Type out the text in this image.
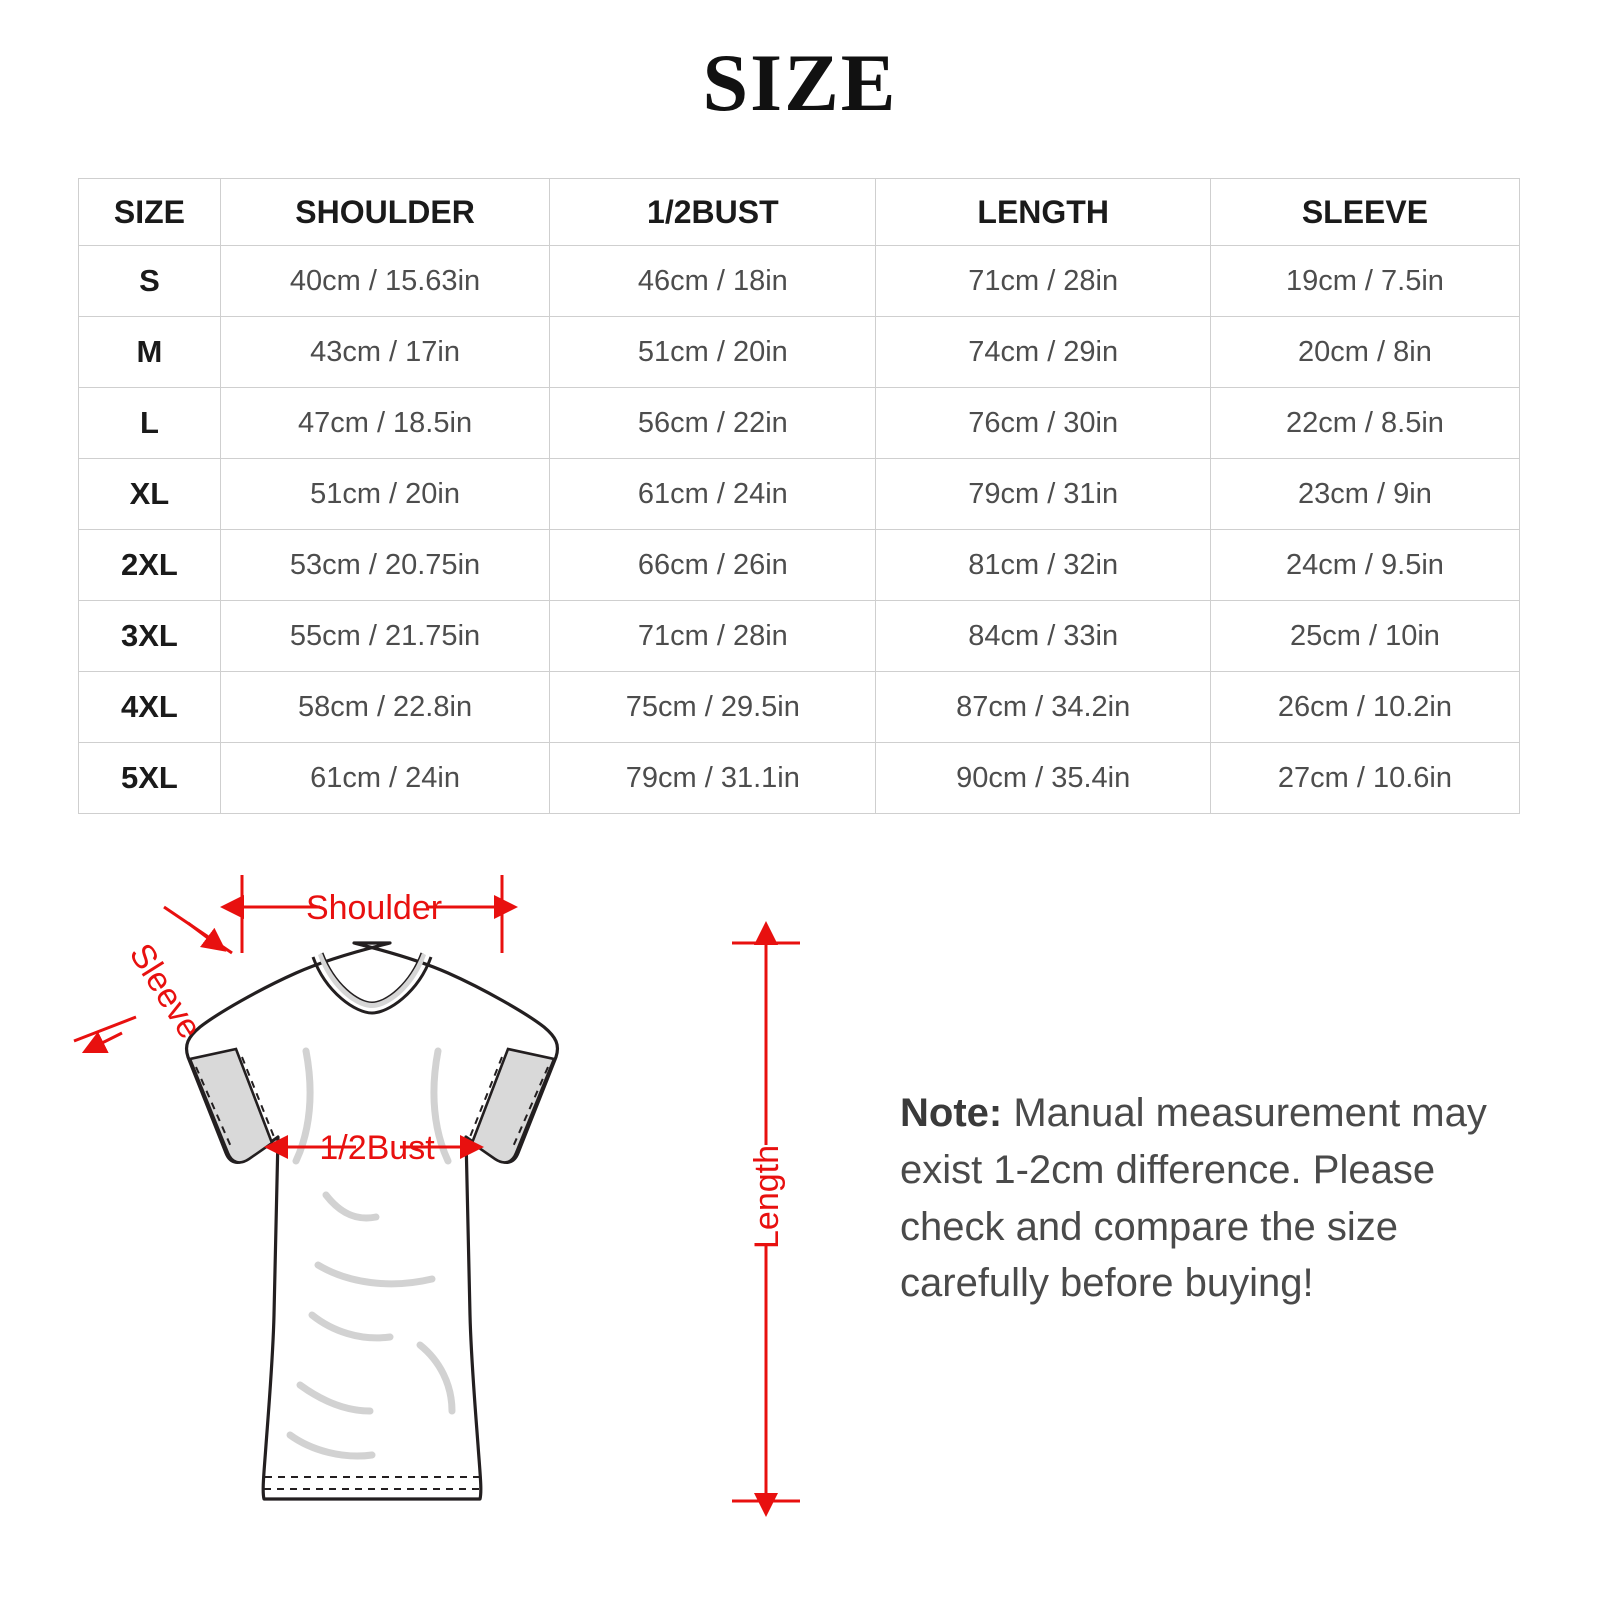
SIZE
SIZE	SHOULDER	1/2BUST	LENGTH	SLEEVE
S	40cm / 15.63in	46cm / 18in	71cm / 28in	19cm / 7.5in
M	43cm / 17in	51cm / 20in	74cm / 29in	20cm / 8in
L	47cm / 18.5in	56cm / 22in	76cm / 30in	22cm / 8.5in
XL	51cm / 20in	61cm / 24in	79cm / 31in	23cm / 9in
2XL	53cm / 20.75in	66cm / 26in	81cm / 32in	24cm / 9.5in
3XL	55cm / 21.75in	71cm / 28in	84cm / 33in	25cm / 10in
4XL	58cm / 22.8in	75cm / 29.5in	87cm / 34.2in	26cm / 10.2in
5XL	61cm / 24in	79cm / 31.1in	90cm / 35.4in	27cm / 10.6in
Shoulder
Sleeve
1/2Bust	Length
Note: Manual measurement may exist 1-2cm difference. Please check and compare the size carefully before buying!
